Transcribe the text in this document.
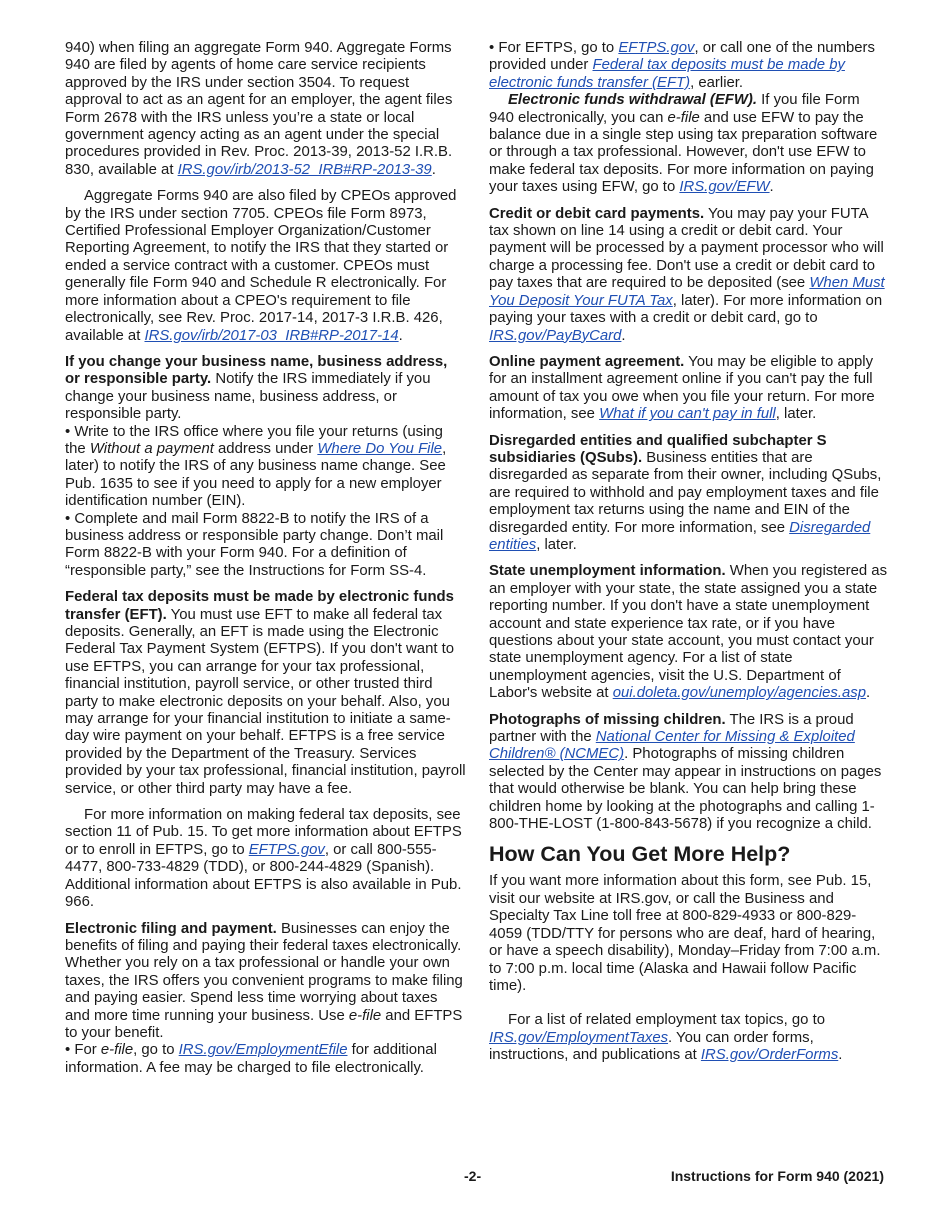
940) when filing an aggregate Form 940. Aggregate Forms 940 are filed by agents of home care service recipients approved by the IRS under section 3504. To request approval to act as an agent for an employer, the agent files Form 2678 with the IRS unless you’re a state or local government agency acting as an agent under the special procedures provided in Rev. Proc. 2013-39, 2013-52 I.R.B. 830, available at IRS.gov/irb/2013-52_IRB#RP-2013-39.

Aggregate Forms 940 are also filed by CPEOs approved by the IRS under section 7705. CPEOs file Form 8973, Certified Professional Employer Organization/Customer Reporting Agreement, to notify the IRS that they started or ended a service contract with a customer. CPEOs must generally file Form 940 and Schedule R electronically. For more information about a CPEO's requirement to file electronically, see Rev. Proc. 2017-14, 2017-3 I.R.B. 426, available at IRS.gov/irb/2017-03_IRB#RP-2017-14.

If you change your business name, business address, or responsible party. Notify the IRS immediately if you change your business name, business address, or responsible party.

• Write to the IRS office where you file your returns (using the Without a payment address under Where Do You File, later) to notify the IRS of any business name change. See Pub. 1635 to see if you need to apply for a new employer identification number (EIN).

• Complete and mail Form 8822-B to notify the IRS of a business address or responsible party change. Don’t mail Form 8822-B with your Form 940. For a definition of “responsible party,” see the Instructions for Form SS-4.

Federal tax deposits must be made by electronic funds transfer (EFT). You must use EFT to make all federal tax deposits. Generally, an EFT is made using the Electronic Federal Tax Payment System (EFTPS). If you don't want to use EFTPS, you can arrange for your tax professional, financial institution, payroll service, or other trusted third party to make electronic deposits on your behalf. Also, you may arrange for your financial institution to initiate a same-day wire payment on your behalf. EFTPS is a free service provided by the Department of the Treasury. Services provided by your tax professional, financial institution, payroll service, or other third party may have a fee.

For more information on making federal tax deposits, see section 11 of Pub. 15. To get more information about EFTPS or to enroll in EFTPS, go to EFTPS.gov, or call 800-555-4477, 800-733-4829 (TDD), or 800-244-4829 (Spanish). Additional information about EFTPS is also available in Pub. 966.

Electronic filing and payment. Businesses can enjoy the benefits of filing and paying their federal taxes electronically. Whether you rely on a tax professional or handle your own taxes, the IRS offers you convenient programs to make filing and paying easier. Spend less time worrying about taxes and more time running your business. Use e-file and EFTPS to your benefit.

• For e-file, go to IRS.gov/EmploymentEfile for additional information. A fee may be charged to file electronically.

• For EFTPS, go to EFTPS.gov, or call one of the numbers provided under Federal tax deposits must be made by electronic funds transfer (EFT), earlier.

Electronic funds withdrawal (EFW). If you file Form 940 electronically, you can e-file and use EFW to pay the balance due in a single step using tax preparation software or through a tax professional. However, don't use EFW to make federal tax deposits. For more information on paying your taxes using EFW, go to IRS.gov/EFW.

Credit or debit card payments. You may pay your FUTA tax shown on line 14 using a credit or debit card. Your payment will be processed by a payment processor who will charge a processing fee. Don't use a credit or debit card to pay taxes that are required to be deposited (see When Must You Deposit Your FUTA Tax, later). For more information on paying your taxes with a credit or debit card, go to IRS.gov/PayByCard.

Online payment agreement. You may be eligible to apply for an installment agreement online if you can't pay the full amount of tax you owe when you file your return. For more information, see What if you can't pay in full, later.

Disregarded entities and qualified subchapter S subsidiaries (QSubs). Business entities that are disregarded as separate from their owner, including QSubs, are required to withhold and pay employment taxes and file employment tax returns using the name and EIN of the disregarded entity. For more information, see Disregarded entities, later.

State unemployment information. When you registered as an employer with your state, the state assigned you a state reporting number. If you don't have a state unemployment account and state experience tax rate, or if you have questions about your state account, you must contact your state unemployment agency. For a list of state unemployment agencies, visit the U.S. Department of Labor's website at oui.doleta.gov/unemploy/agencies.asp.

Photographs of missing children. The IRS is a proud partner with the National Center for Missing & Exploited Children® (NCMEC). Photographs of missing children selected by the Center may appear in instructions on pages that would otherwise be blank. You can help bring these children home by looking at the photographs and calling 1-800-THE-LOST (1-800-843-5678) if you recognize a child.

How Can You Get More Help?

If you want more information about this form, see Pub. 15, visit our website at IRS.gov, or call the Business and Specialty Tax Line toll free at 800-829-4933 or 800-829-4059 (TDD/TTY for persons who are deaf, hard of hearing, or have a speech disability), Monday–Friday from 7:00 a.m. to 7:00 p.m. local time (Alaska and Hawaii follow Pacific time).

For a list of related employment tax topics, go to IRS.gov/EmploymentTaxes. You can order forms, instructions, and publications at IRS.gov/OrderForms.

-2-	Instructions for Form 940 (2021)
